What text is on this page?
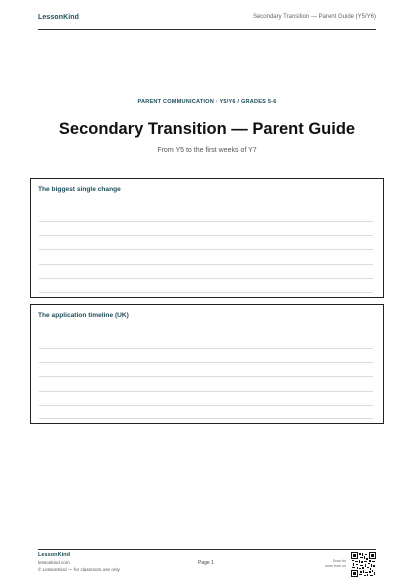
LessonKind	Secondary Transition — Parent Guide (Y5/Y6)
PARENT COMMUNICATION · Y5/Y6 / GRADES 5-6
Secondary Transition — Parent Guide
From Y5 to the first weeks of Y7
The biggest single change
The application timeline (UK)
LessonKind
lessonkind.com
© LessonKind — for classroom use only
Page 1	Scan for
more from us
